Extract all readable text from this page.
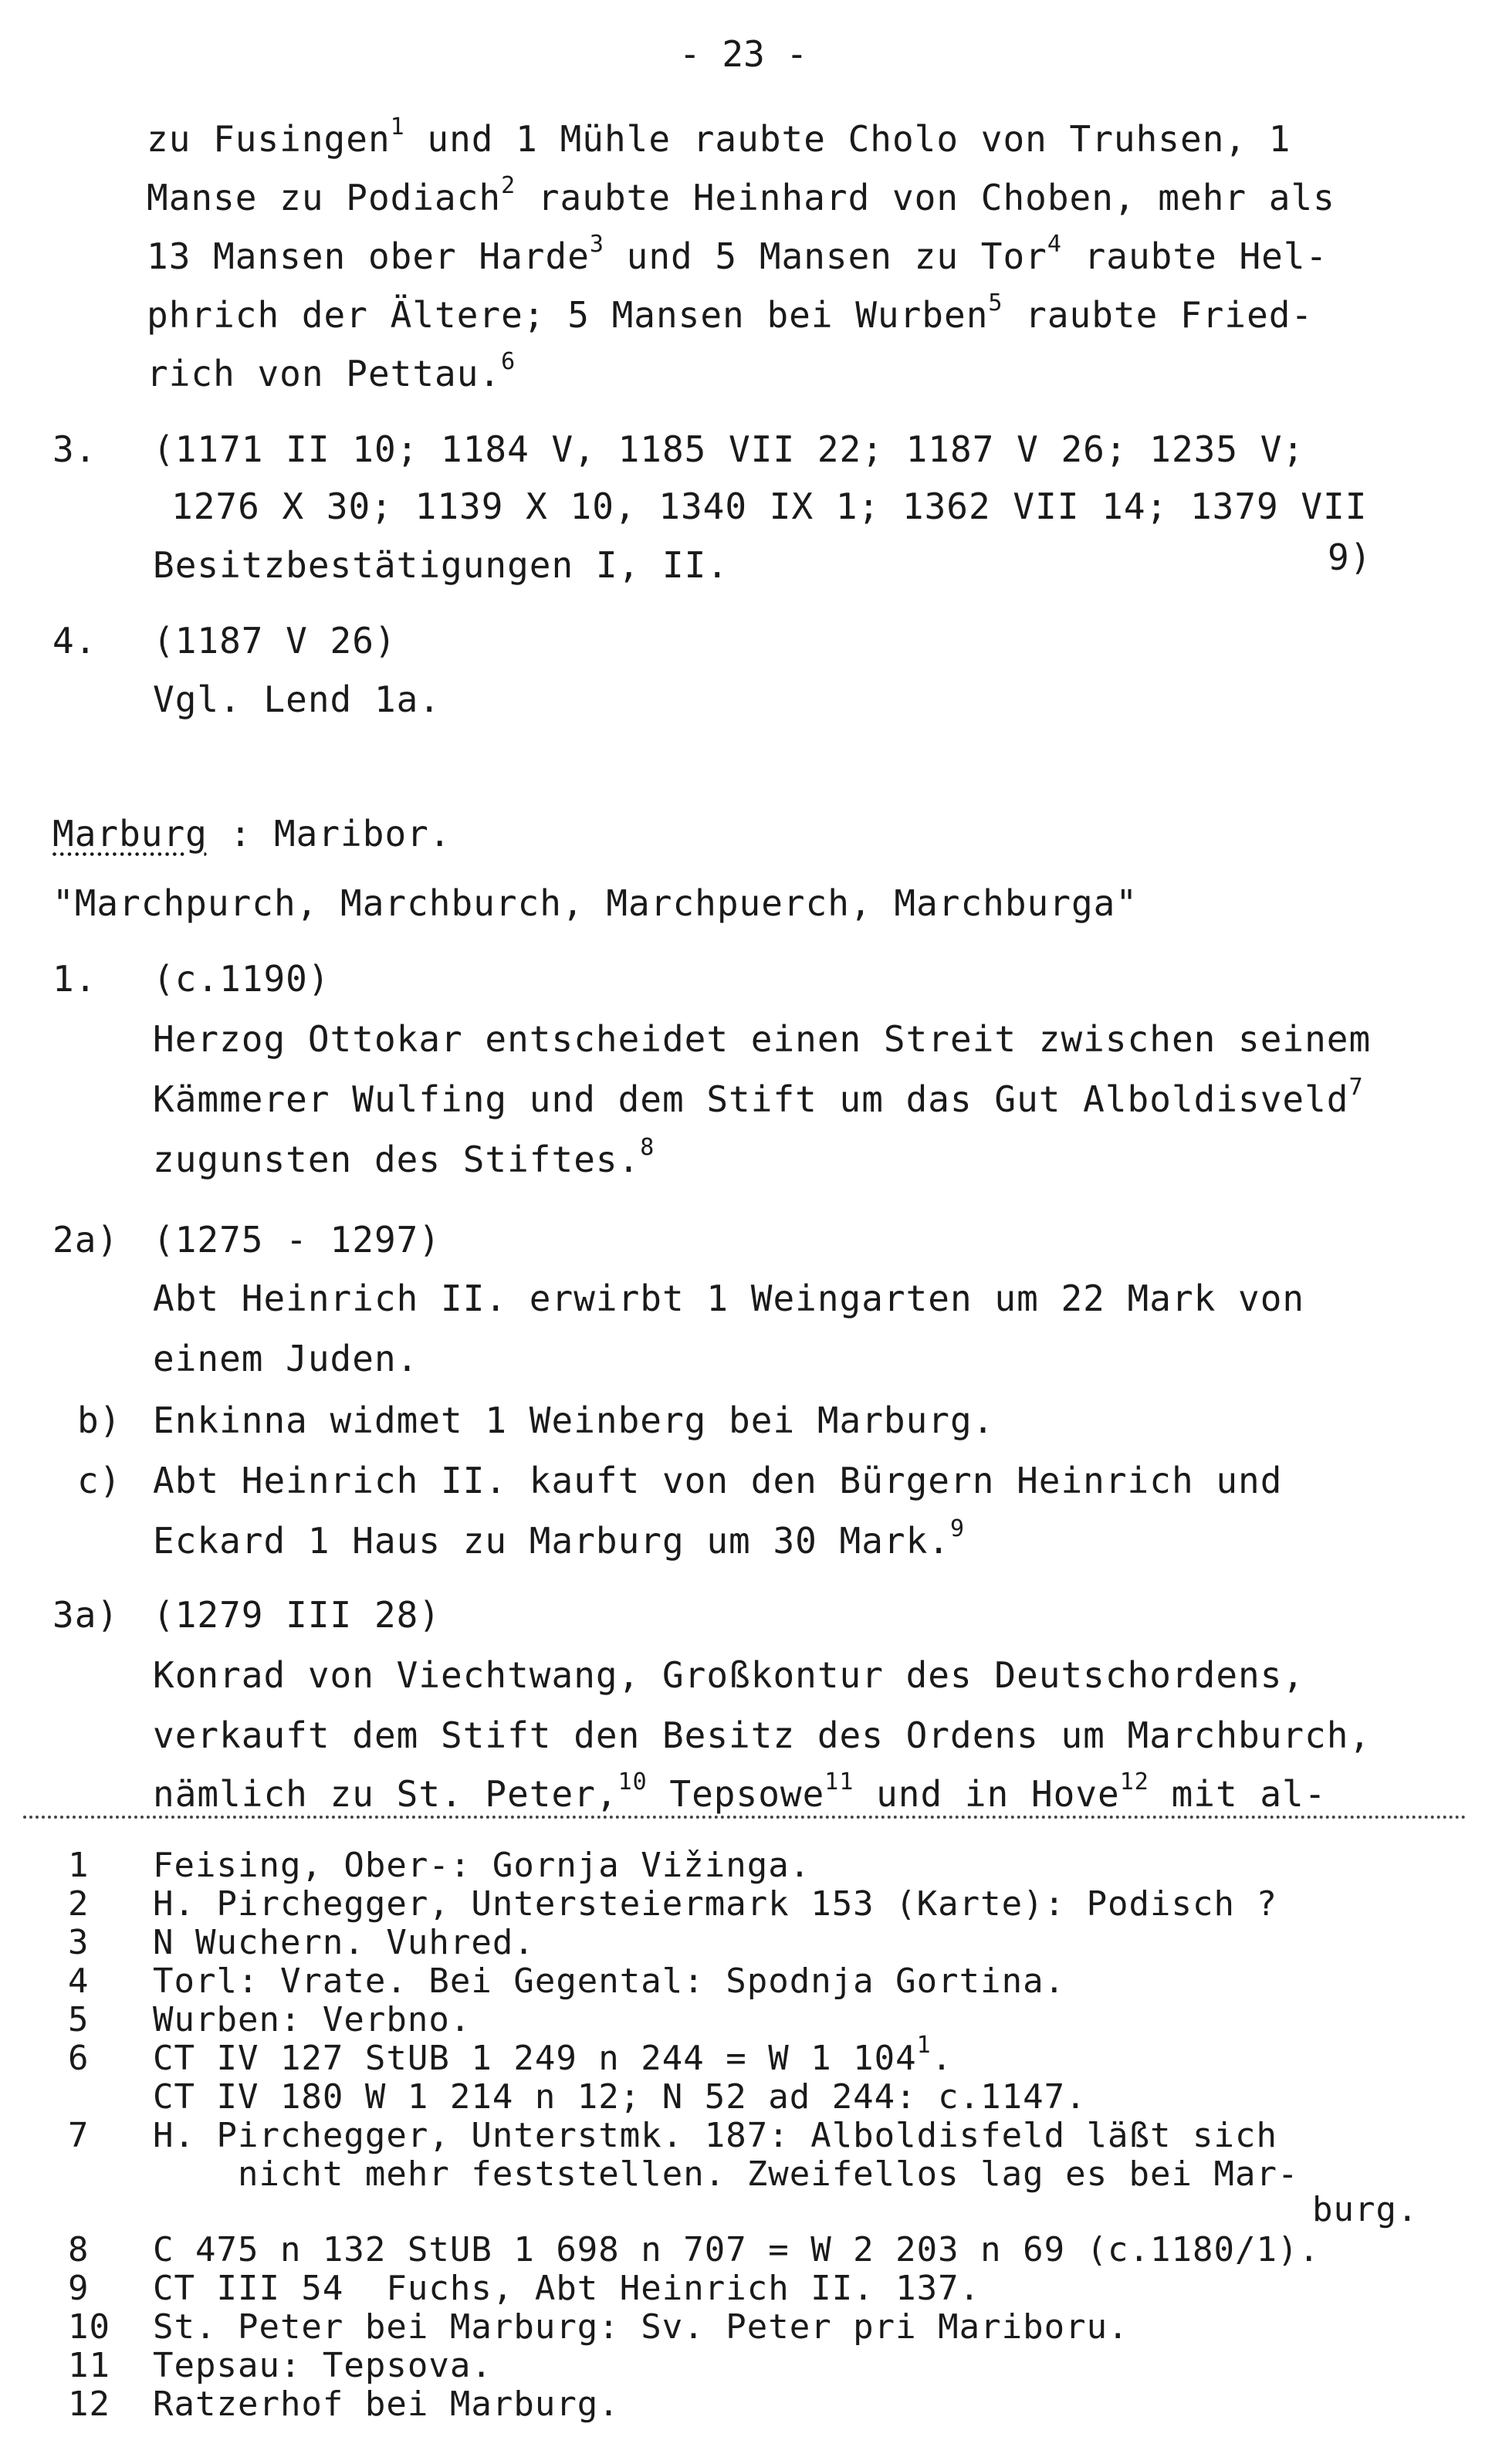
- 23 -
zu Fusingen$^1$ und 1 Mühle raubte Cholo von Truhsen, 1
Manse zu Podiach$^2$ raubte Heinhard von Choben, mehr als
13 Mansen ober Harde$^3$ und 5 Mansen zu Tor$^4$ raubte Hel-
phrich der Ältere; 5 Mansen bei Wurben$^5$ raubte Fried-
rich von Pettau.$^6$
3. (1171 II 10; 1184 V, 1185 VII 22; 1187 V 26; 1235 V;
1276 X 30; 1139 X 10, 1340 IX 1; 1362 VII 14; 1379 VII
Besitzbestätigungen I, II.	9)
4. (1187 V 26)
Vgl. Lend 1a.
Marburg : Maribor.
"Marchpurch, Marchburch, Marchpuerch, Marchburga"
1. (c.1190)
Herzog Ottokar entscheidet einen Streit zwischen seinem
Kämmerer Wulfing und dem Stift um das Gut Alboldisveld$^7$
zugunsten des Stiftes.$^8$
2a) (1275 - 1297)
Abt Heinrich II. erwirbt 1 Weingarten um 22 Mark von
einem Juden.
b) Enkinna widmet 1 Weinberg bei Marburg.
c) Abt Heinrich II. kauft von den Bürgern Heinrich und
Eckard 1 Haus zu Marburg um 30 Mark.$^9$
3a) (1279 III 28)
Konrad von Viechtwang, Großkontur des Deutschordens,
verkauft dem Stift den Besitz des Ordens um Marchburch,
nämlich zu St. Peter,$^{10}$ Tepsowe$^{11}$ und in Hove$^{12}$ mit al-
1 Feising, Ober-: Gornja Vižinga.
2 H. Pirchegger, Untersteiermark 153 (Karte): Podisch ?
3 N Wuchern. Vuhred.
4 Torl: Vrate. Bei Gegental: Spodnja Gortina.
5 Wurben: Verbno.
6 CT IV 127 StUB 1 249 n 244 = W 1 $104^1$.
CT IV 180 W 1 214 n 12; N 52 ad 244: c.1147.
7 H. Pirchegger, Unterstmk. 187: Alboldisfeld läßt sich
nicht mehr feststellen. Zweifellos lag es bei Mar-
burg.
8 C 475 n 132 StUB 1 698 n 707 = W 2 203 n 69 (c.1180/1).
9 CT III 54  Fuchs, Abt Heinrich II. 137.
10 St. Peter bei Marburg: Sv. Peter pri Mariboru.
11 Tepsau: Tepsova.
12 Ratzerhof bei Marburg.
